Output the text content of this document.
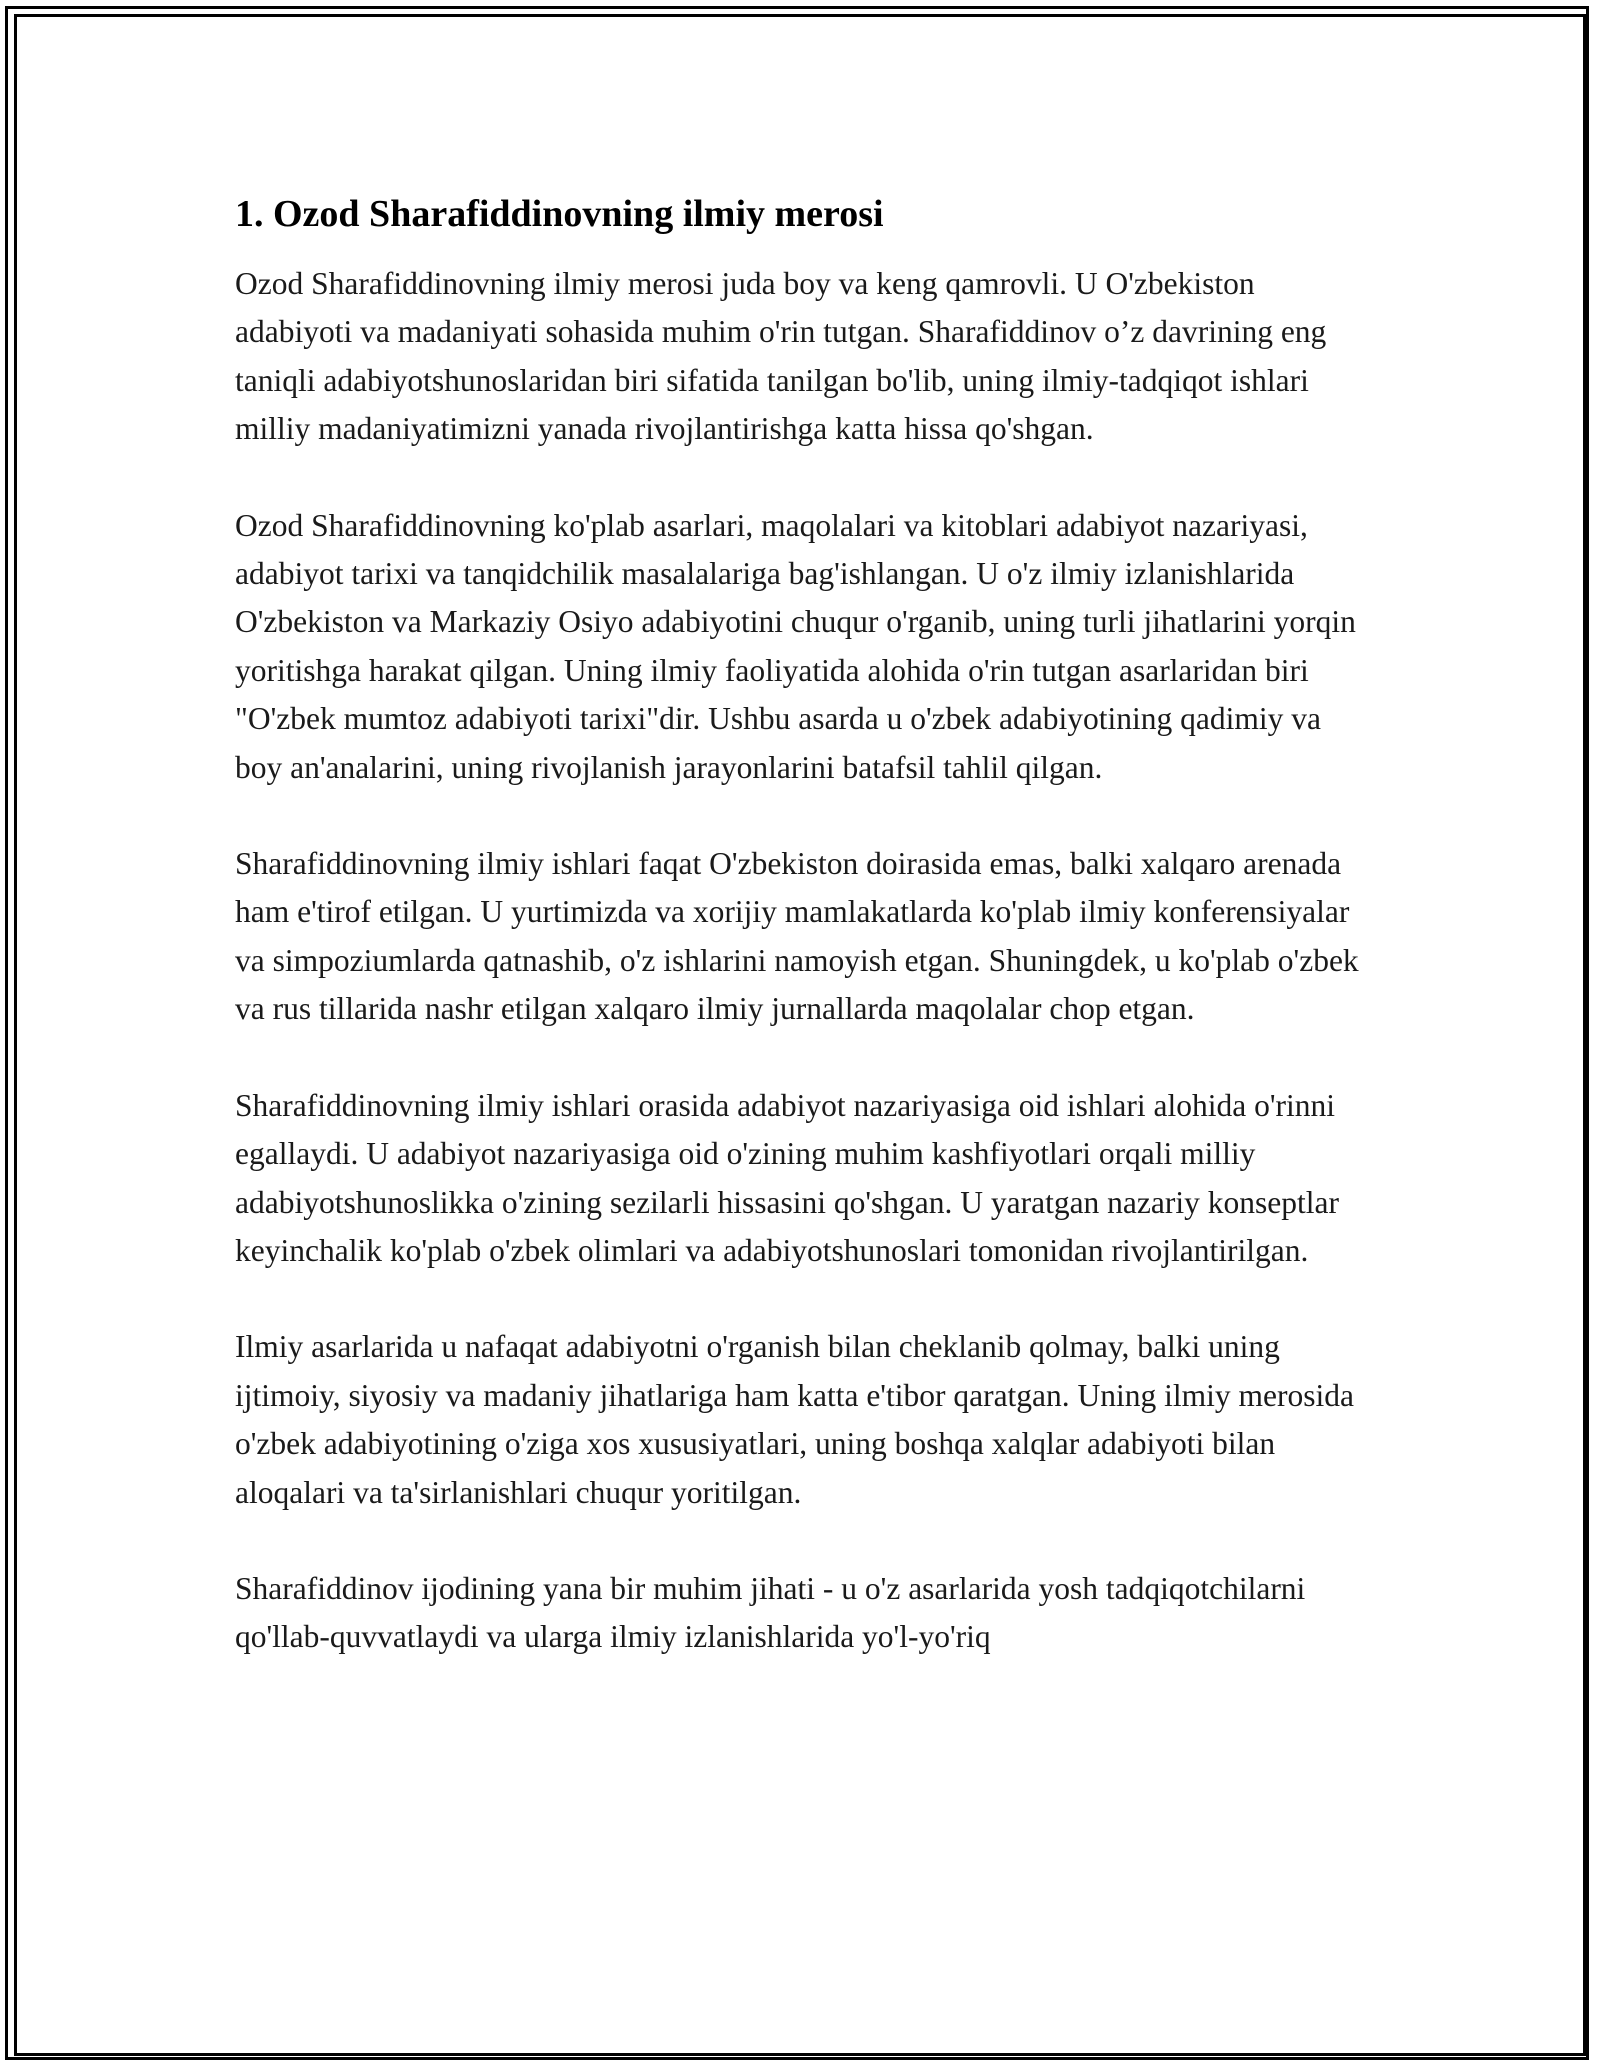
1. Ozod Sharafiddinovning ilmiy merosi

Ozod Sharafiddinovning ilmiy merosi juda boy va keng qamrovli. U O'zbekiston adabiyoti va madaniyati sohasida muhim o'rin tutgan. Sharafiddinov o’z davrining eng taniqli adabiyotshunoslaridan biri sifatida tanilgan bo'lib, uning ilmiy-tadqiqot ishlari milliy madaniyatimizni yanada rivojlantirishga katta hissa qo'shgan.

Ozod Sharafiddinovning ko'plab asarlari, maqolalari va kitoblari adabiyot nazariyasi, adabiyot tarixi va tanqidchilik masalalariga bag'ishlangan. U o'z ilmiy izlanishlarida O'zbekiston va Markaziy Osiyo adabiyotini chuqur o'rganib, uning turli jihatlarini yorqin yoritishga harakat qilgan. Uning ilmiy faoliyatida alohida o'rin tutgan asarlaridan biri "O'zbek mumtoz adabiyoti tarixi"dir. Ushbu asarda u o'zbek adabiyotining qadimiy va boy an'analarini, uning rivojlanish jarayonlarini batafsil tahlil qilgan.

Sharafiddinovning ilmiy ishlari faqat O'zbekiston doirasida emas, balki xalqaro arenada ham e'tirof etilgan. U yurtimizda va xorijiy mamlakatlarda ko'plab ilmiy konferensiyalar va simpoziumlarda qatnashib, o'z ishlarini namoyish etgan. Shuningdek, u ko'plab o'zbek va rus tillarida nashr etilgan xalqaro ilmiy jurnallarda maqolalar chop etgan.

Sharafiddinovning ilmiy ishlari orasida adabiyot nazariyasiga oid ishlari alohida o'rinni egallaydi. U adabiyot nazariyasiga oid o'zining muhim kashfiyotlari orqali milliy adabiyotshunoslikka o'zining sezilarli hissasini qo'shgan. U yaratgan nazariy konseptlar keyinchalik ko'plab o'zbek olimlari va adabiyotshunoslari tomonidan rivojlantirilgan.

Ilmiy asarlarida u nafaqat adabiyotni o'rganish bilan cheklanib qolmay, balki uning ijtimoiy, siyosiy va madaniy jihatlariga ham katta e'tibor qaratgan. Uning ilmiy merosida o'zbek adabiyotining o'ziga xos xususiyatlari, uning boshqa xalqlar adabiyoti bilan aloqalari va ta'sirlanishlari chuqur yoritilgan.

Sharafiddinov ijodining yana bir muhim jihati - u o'z asarlarida yosh tadqiqotchilarni qo'llab-quvvatlaydi va ularga ilmiy izlanishlarida yo'l-yo'riq
